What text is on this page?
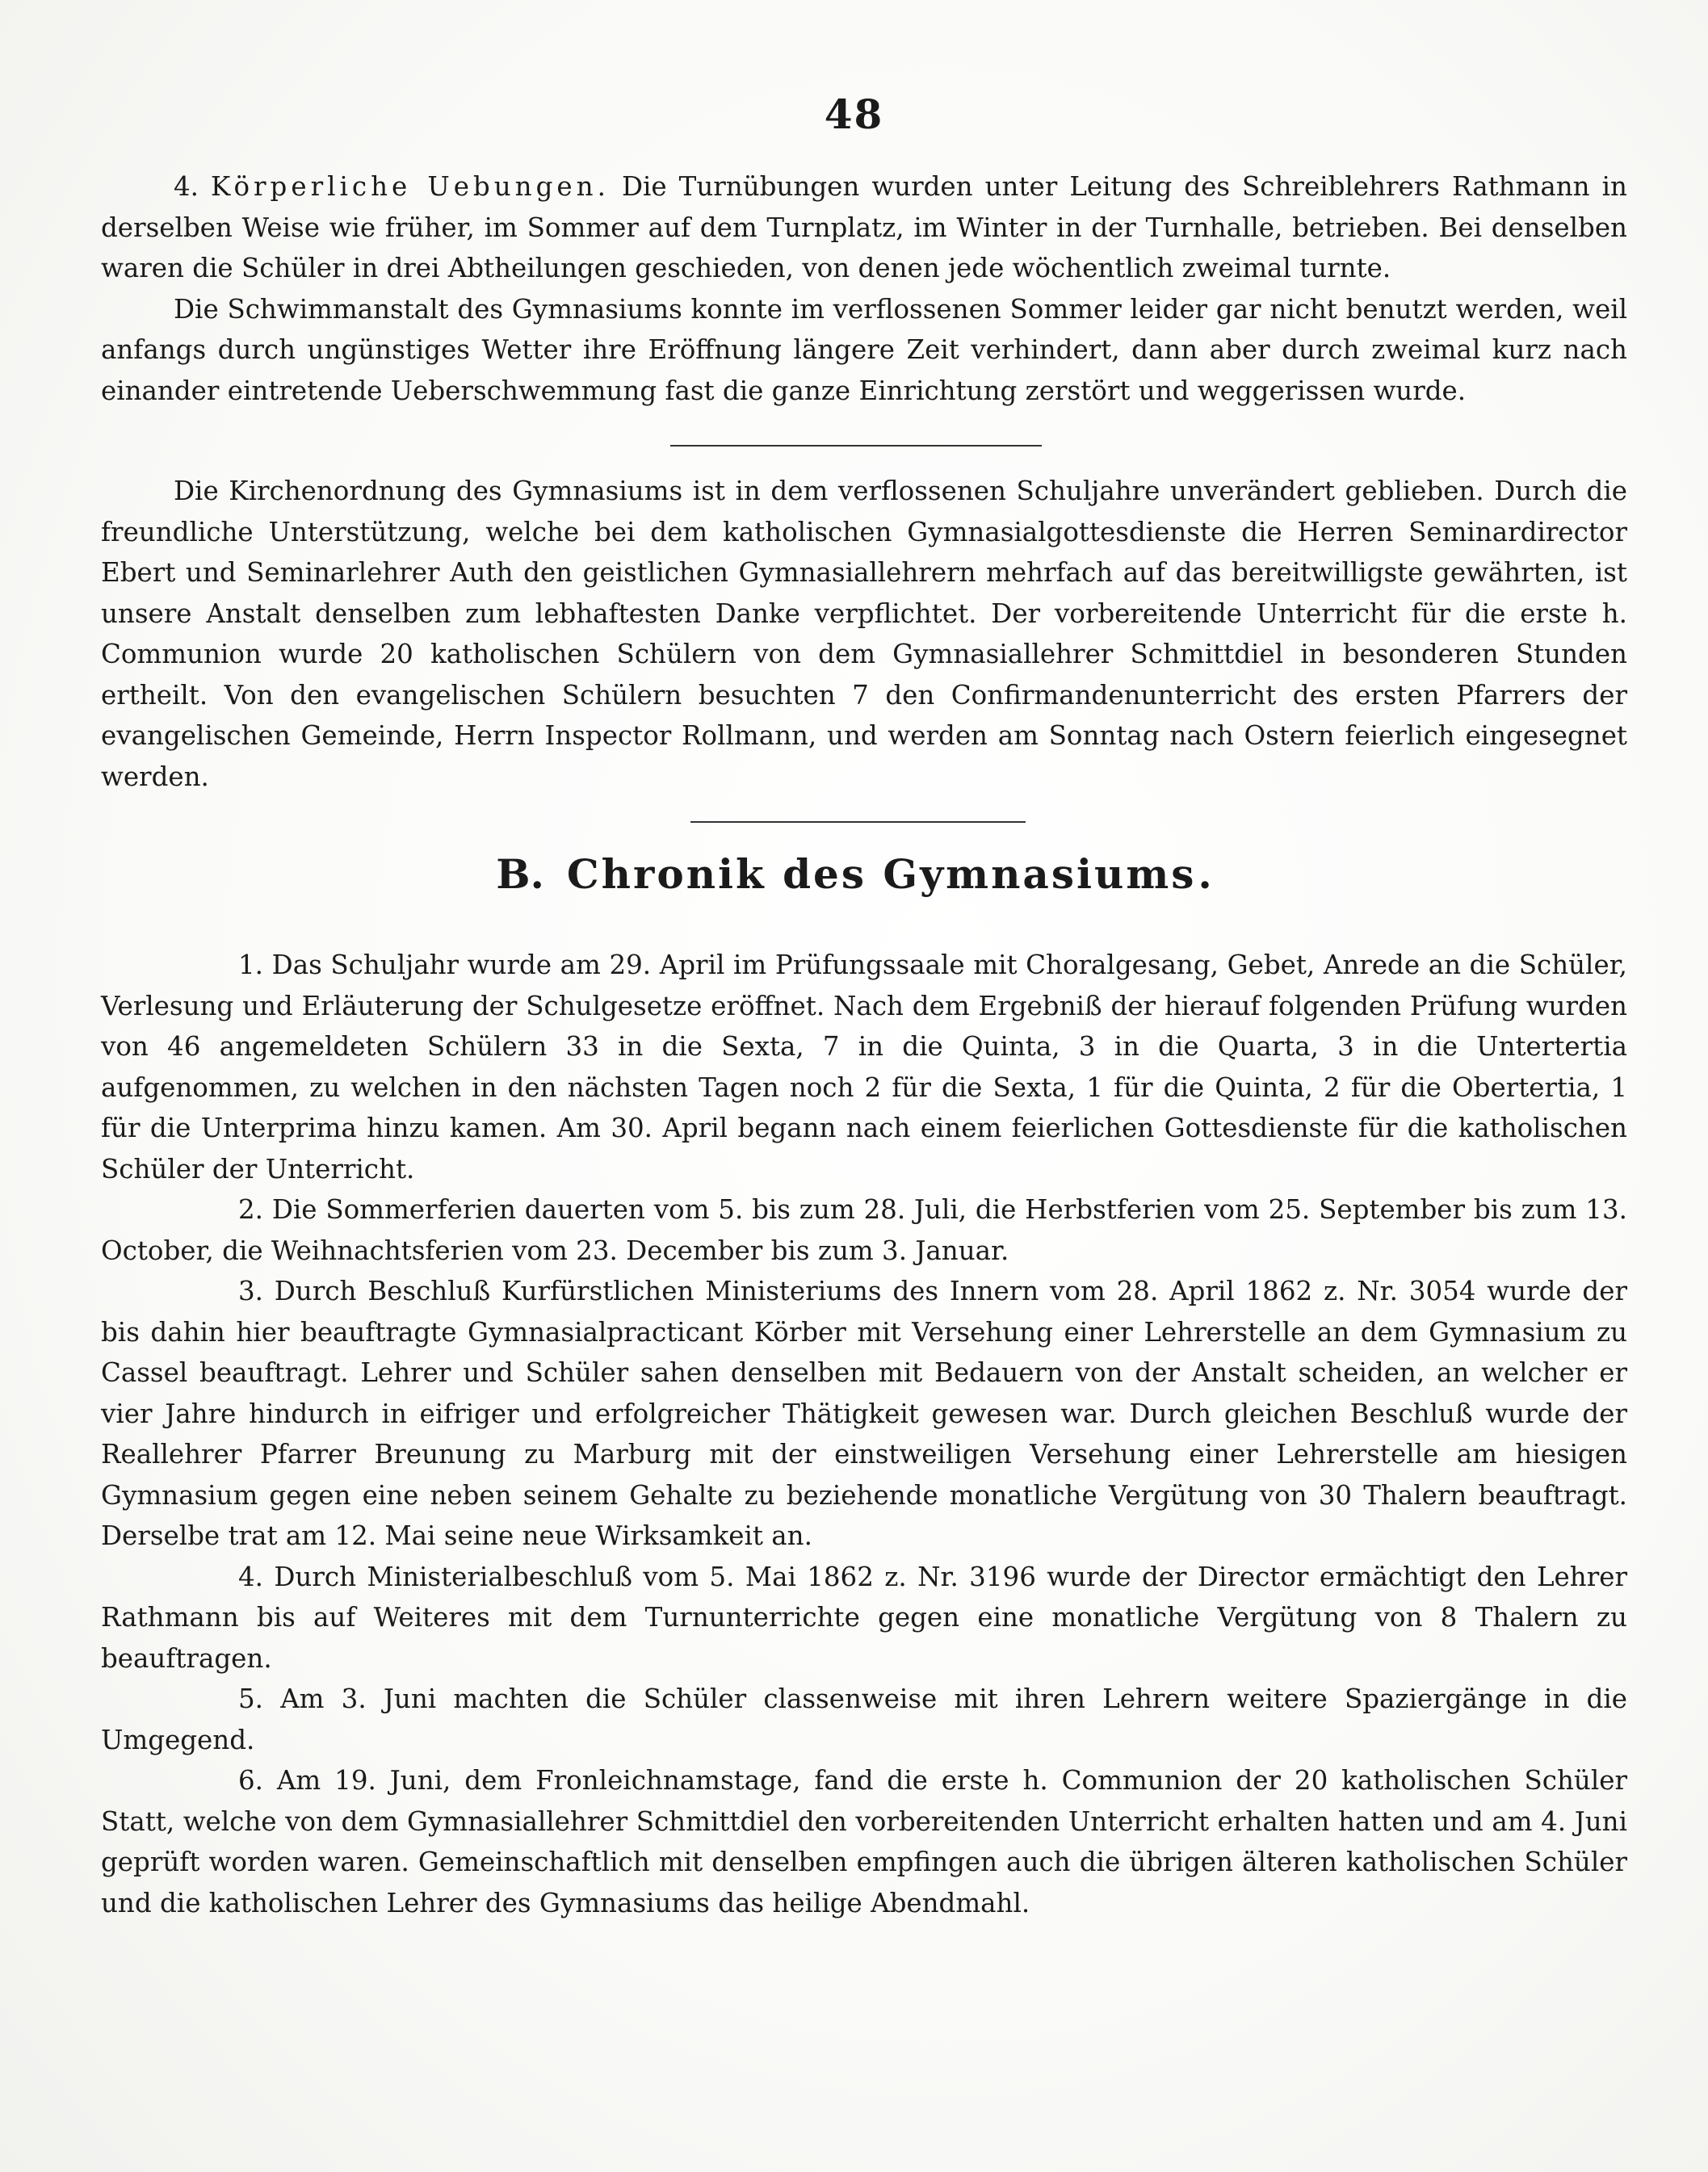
48

4. Körperliche Uebungen. Die Turnübungen wurden unter Leitung des Schreiblehrers Rathmann in derselben Weise wie früher, im Sommer auf dem Turnplatz, im Winter in der Turnhalle, betrieben. Bei denselben waren die Schüler in drei Abtheilungen geschieden, von denen jede wöchentlich zweimal turnte.

Die Schwimmanstalt des Gymnasiums konnte im verflossenen Sommer leider gar nicht benutzt werden, weil anfangs durch ungünstiges Wetter ihre Eröffnung längere Zeit verhindert, dann aber durch zweimal kurz nach einander eintretende Ueberschwemmung fast die ganze Einrichtung zerstört und weggerissen wurde.

Die Kirchenordnung des Gymnasiums ist in dem verflossenen Schuljahre unverändert geblieben. Durch die freundliche Unterstützung, welche bei dem katholischen Gymnasialgottesdienste die Herren Seminardirector Ebert und Seminarlehrer Auth den geistlichen Gymnasiallehrern mehrfach auf das bereitwilligste gewährten, ist unsere Anstalt denselben zum lebhaftesten Danke verpflichtet. Der vorbereitende Unterricht für die erste h. Communion wurde 20 katholischen Schülern von dem Gymnasiallehrer Schmittdiel in besonderen Stunden ertheilt. Von den evangelischen Schülern besuchten 7 den Confirmandenunterricht des ersten Pfarrers der evangelischen Gemeinde, Herrn Inspector Rollmann, und werden am Sonntag nach Ostern feierlich eingesegnet werden.

B. Chronik des Gymnasiums.

1. Das Schuljahr wurde am 29. April im Prüfungssaale mit Choralgesang, Gebet, Anrede an die Schüler, Verlesung und Erläuterung der Schulgesetze eröffnet. Nach dem Ergebniß der hierauf folgenden Prüfung wurden von 46 angemeldeten Schülern 33 in die Sexta, 7 in die Quinta, 3 in die Quarta, 3 in die Untertertia aufgenommen, zu welchen in den nächsten Tagen noch 2 für die Sexta, 1 für die Quinta, 2 für die Obertertia, 1 für die Unterprima hinzu kamen. Am 30. April begann nach einem feierlichen Gottesdienste für die katholischen Schüler der Unterricht.

2. Die Sommerferien dauerten vom 5. bis zum 28. Juli, die Herbstferien vom 25. September bis zum 13. October, die Weihnachtsferien vom 23. December bis zum 3. Januar.

3. Durch Beschluß Kurfürstlichen Ministeriums des Innern vom 28. April 1862 z. Nr. 3054 wurde der bis dahin hier beauftragte Gymnasialpracticant Körber mit Versehung einer Lehrerstelle an dem Gymnasium zu Cassel beauftragt. Lehrer und Schüler sahen denselben mit Bedauern von der Anstalt scheiden, an welcher er vier Jahre hindurch in eifriger und erfolgreicher Thätigkeit gewesen war. Durch gleichen Beschluß wurde der Reallehrer Pfarrer Breunung zu Marburg mit der einstweiligen Versehung einer Lehrerstelle am hiesigen Gymnasium gegen eine neben seinem Gehalte zu beziehende monatliche Vergütung von 30 Thalern beauftragt. Derselbe trat am 12. Mai seine neue Wirksamkeit an.

4. Durch Ministerialbeschluß vom 5. Mai 1862 z. Nr. 3196 wurde der Director ermächtigt den Lehrer Rathmann bis auf Weiteres mit dem Turnunterrichte gegen eine monatliche Vergütung von 8 Thalern zu beauftragen.

5. Am 3. Juni machten die Schüler classenweise mit ihren Lehrern weitere Spaziergänge in die Umgegend.

6. Am 19. Juni, dem Fronleichnamstage, fand die erste h. Communion der 20 katholischen Schüler Statt, welche von dem Gymnasiallehrer Schmittdiel den vorbereitenden Unterricht erhalten hatten und am 4. Juni geprüft worden waren. Gemeinschaftlich mit denselben empfingen auch die übrigen älteren katholischen Schüler und die katholischen Lehrer des Gymnasiums das heilige Abendmahl.
